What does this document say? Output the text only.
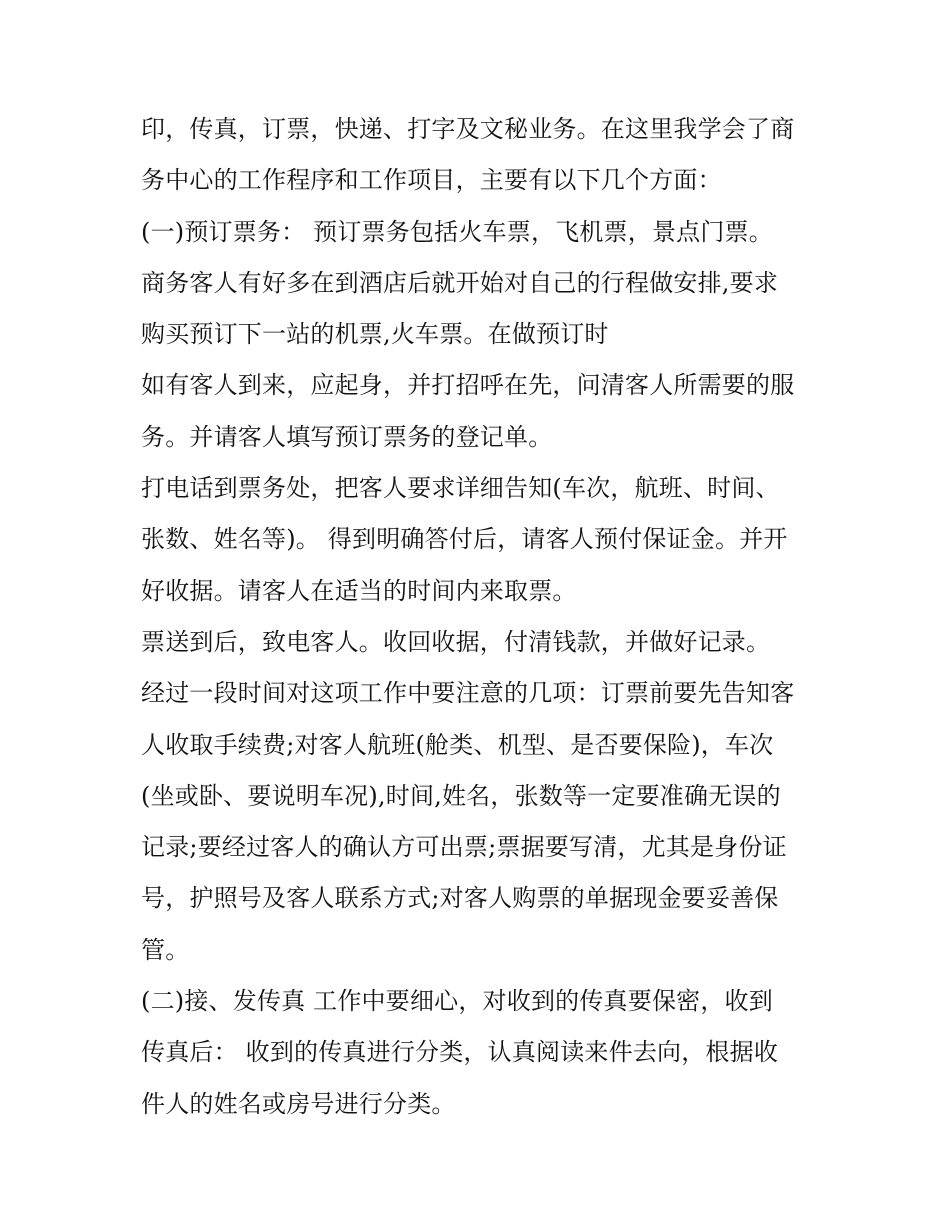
印，传真，订票，快递、打字及文秘业务。在这里我学会了商
务中心的工作程序和工作项目，主要有以下几个方面：
(一)预订票务： 预订票务包括火车票，飞机票，景点门票。
商务客人有好多在到酒店后就开始对自己的行程做安排,要求
购买预订下一站的机票,火车票。在做预订时
如有客人到来，应起身，并打招呼在先，问清客人所需要的服
务。并请客人填写预订票务的登记单。
打电话到票务处，把客人要求详细告知(车次，航班、时间、
张数、姓名等)。 得到明确答付后，请客人预付保证金。并开
好收据。请客人在适当的时间内来取票。
票送到后，致电客人。收回收据，付清钱款，并做好记录。
经过一段时间对这项工作中要注意的几项：订票前要先告知客
人收取手续费;对客人航班(舱类、机型、是否要保险)，车次
(坐或卧、要说明车况),时间,姓名，张数等一定要准确无误的
记录;要经过客人的确认方可出票;票据要写清，尤其是身份证
号，护照号及客人联系方式;对客人购票的单据现金要妥善保
管。
(二)接、发传真 工作中要细心，对收到的传真要保密，收到
传真后： 收到的传真进行分类，认真阅读来件去向，根据收
件人的姓名或房号进行分类。
